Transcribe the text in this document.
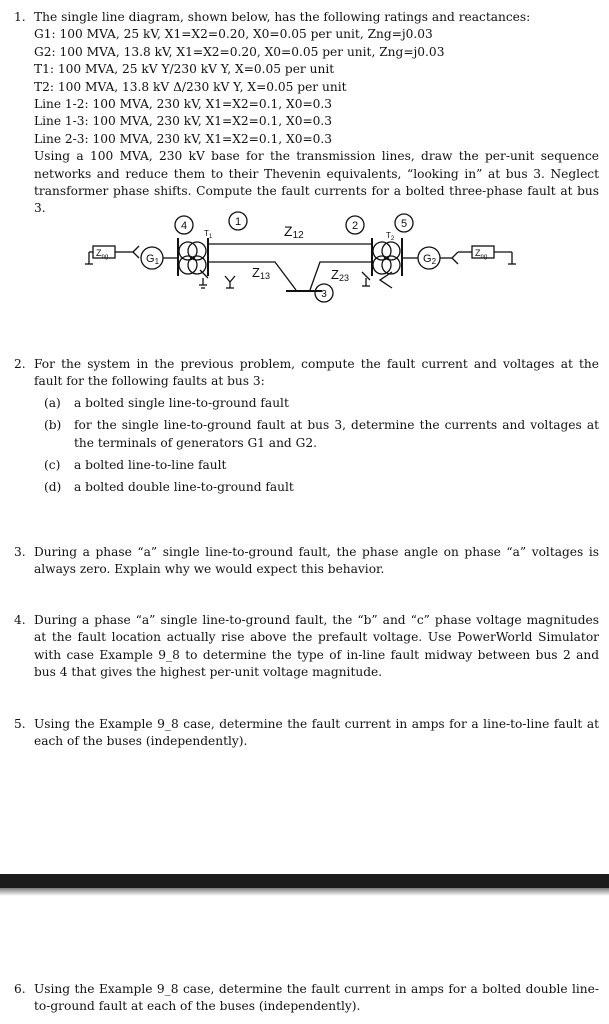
1. The single line diagram, shown below, has the following ratings and reactances:
G1: 100 MVA, 25 kV, X1=X2=0.20, X0=0.05 per unit, Zng=j0.03
G2: 100 MVA, 13.8 kV, X1=X2=0.20, X0=0.05 per unit, Zng=j0.03
T1: 100 MVA, 25 kV Y/230 kV Y, X=0.05 per unit
T2: 100 MVA, 13.8 kV Δ/230 kV Y, X=0.05 per unit
Line 1-2: 100 MVA, 230 kV, X1=X2=0.1, X0=0.3
Line 1-3: 100 MVA, 230 kV, X1=X2=0.1, X0=0.3
Line 2-3: 100 MVA, 230 kV, X1=X2=0.1, X0=0.3
Using a 100 MVA, 230 kV base for the transmission lines, draw the per-unit sequence networks and reduce them to their Thevenin equivalents, “looking in” at bus 3. Neglect transformer phase shifts. Compute the fault currents for a bolted three-phase fault at bus 3.
4	1	2	5
3
$Z_{ng}$	$Z_{ng}$
G1	G2
$T_1$	$T_2$
Z12
Z13	Z23
2. For the system in the previous problem, compute the fault current and voltages at the fault for the following faults at bus 3:
(a) a bolted single line-to-ground fault
(b) for the single line-to-ground fault at bus 3, determine the currents and voltages at the terminals of generators G1 and G2.
(c) a bolted line-to-line fault
(d) a bolted double line-to-ground fault
3. During a phase “a” single line-to-ground fault, the phase angle on phase “a” voltages is always zero. Explain why we would expect this behavior.
4. During a phase “a” single line-to-ground fault, the “b” and “c” phase voltage magnitudes at the fault location actually rise above the prefault voltage. Use PowerWorld Simulator with case Example 9_8 to determine the type of in-line fault midway between bus 2 and bus 4 that gives the highest per-unit voltage magnitude.
5. Using the Example 9_8 case, determine the fault current in amps for a line-to-line fault at each of the buses (independently).
6. Using the Example 9_8 case, determine the fault current in amps for a bolted double line-to-ground fault at each of the buses (independently).
